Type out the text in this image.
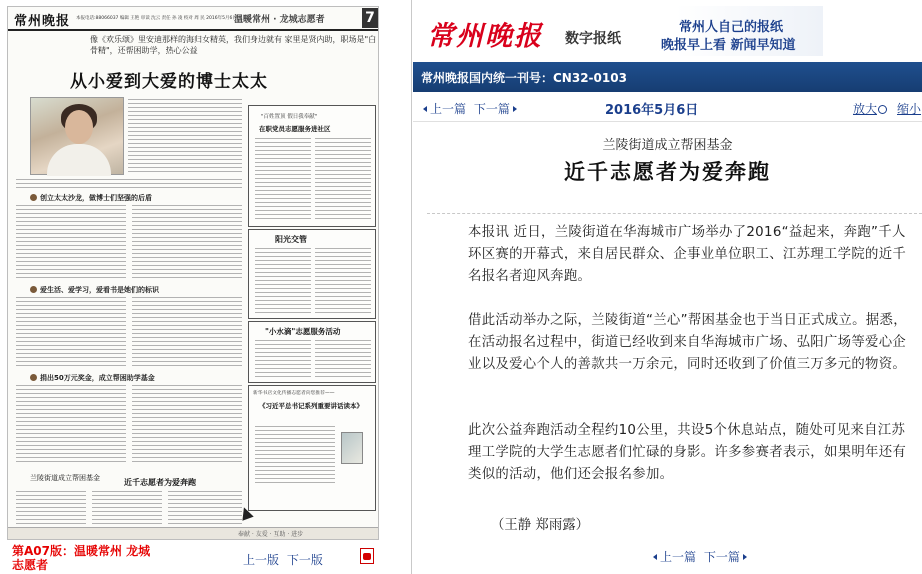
常州晚报 本报电话:88066037 编辑 王艳 审读 沈云 责任 孙 凌 校对 周 民 2016年5月6日 星期五
温暖常州 · 龙城志愿者	7
像《欢乐颂》里安迪那样的海归女精英，我们身边就有 家里是贤内助，职场是"白骨精"，还帮困助学，热心公益
从小爱到大爱的博士太太
创立太太沙龙，做博士们坚强的后盾
爱生活、爱学习，爱看书是她们的标识
捐出50万元奖金，成立帮困助学基金
"百姓置顶 假日我奉献"
在职党员志愿服务进社区
阳光交管
"小水滴"志愿服务活动
新华书店文化传播志愿者向您推荐——
《习近平总书记系列重要讲话读本》
兰陵街道成立帮困基金	近千志愿者为爱奔跑
奉献 · 友爱 · 互助 · 进步
第A07版：温暖常州 龙城志愿者	上一版 下一版
常州晚报 数字报纸
常州人自己的报纸
晚报早上看 新闻早知道
常州晚报国内统一刊号：CN32-0103
上一篇 下一篇	2016年5月6日	放大	缩小
兰陵街道成立帮困基金
近千志愿者为爱奔跑
本报讯 近日，兰陵街道在华海城市广场举办了2016“益起来，奔跑”千人环区赛的开幕式，来自居民群众、企事业单位职工、江苏理工学院的近千名报名者迎风奔跑。
借此活动举办之际，兰陵街道“兰心”帮困基金也于当日正式成立。据悉，在活动报名过程中，街道已经收到来自华海城市广场、弘阳广场等爱心企业以及爱心个人的善款共一万余元，同时还收到了价值三万多元的物资。
此次公益奔跑活动全程约10公里，共设5个休息站点，随处可见来自江苏理工学院的大学生志愿者们忙碌的身影。许多参赛者表示，如果明年还有类似的活动，他们还会报名参加。
（王静 郑雨露）
上一篇 下一篇
